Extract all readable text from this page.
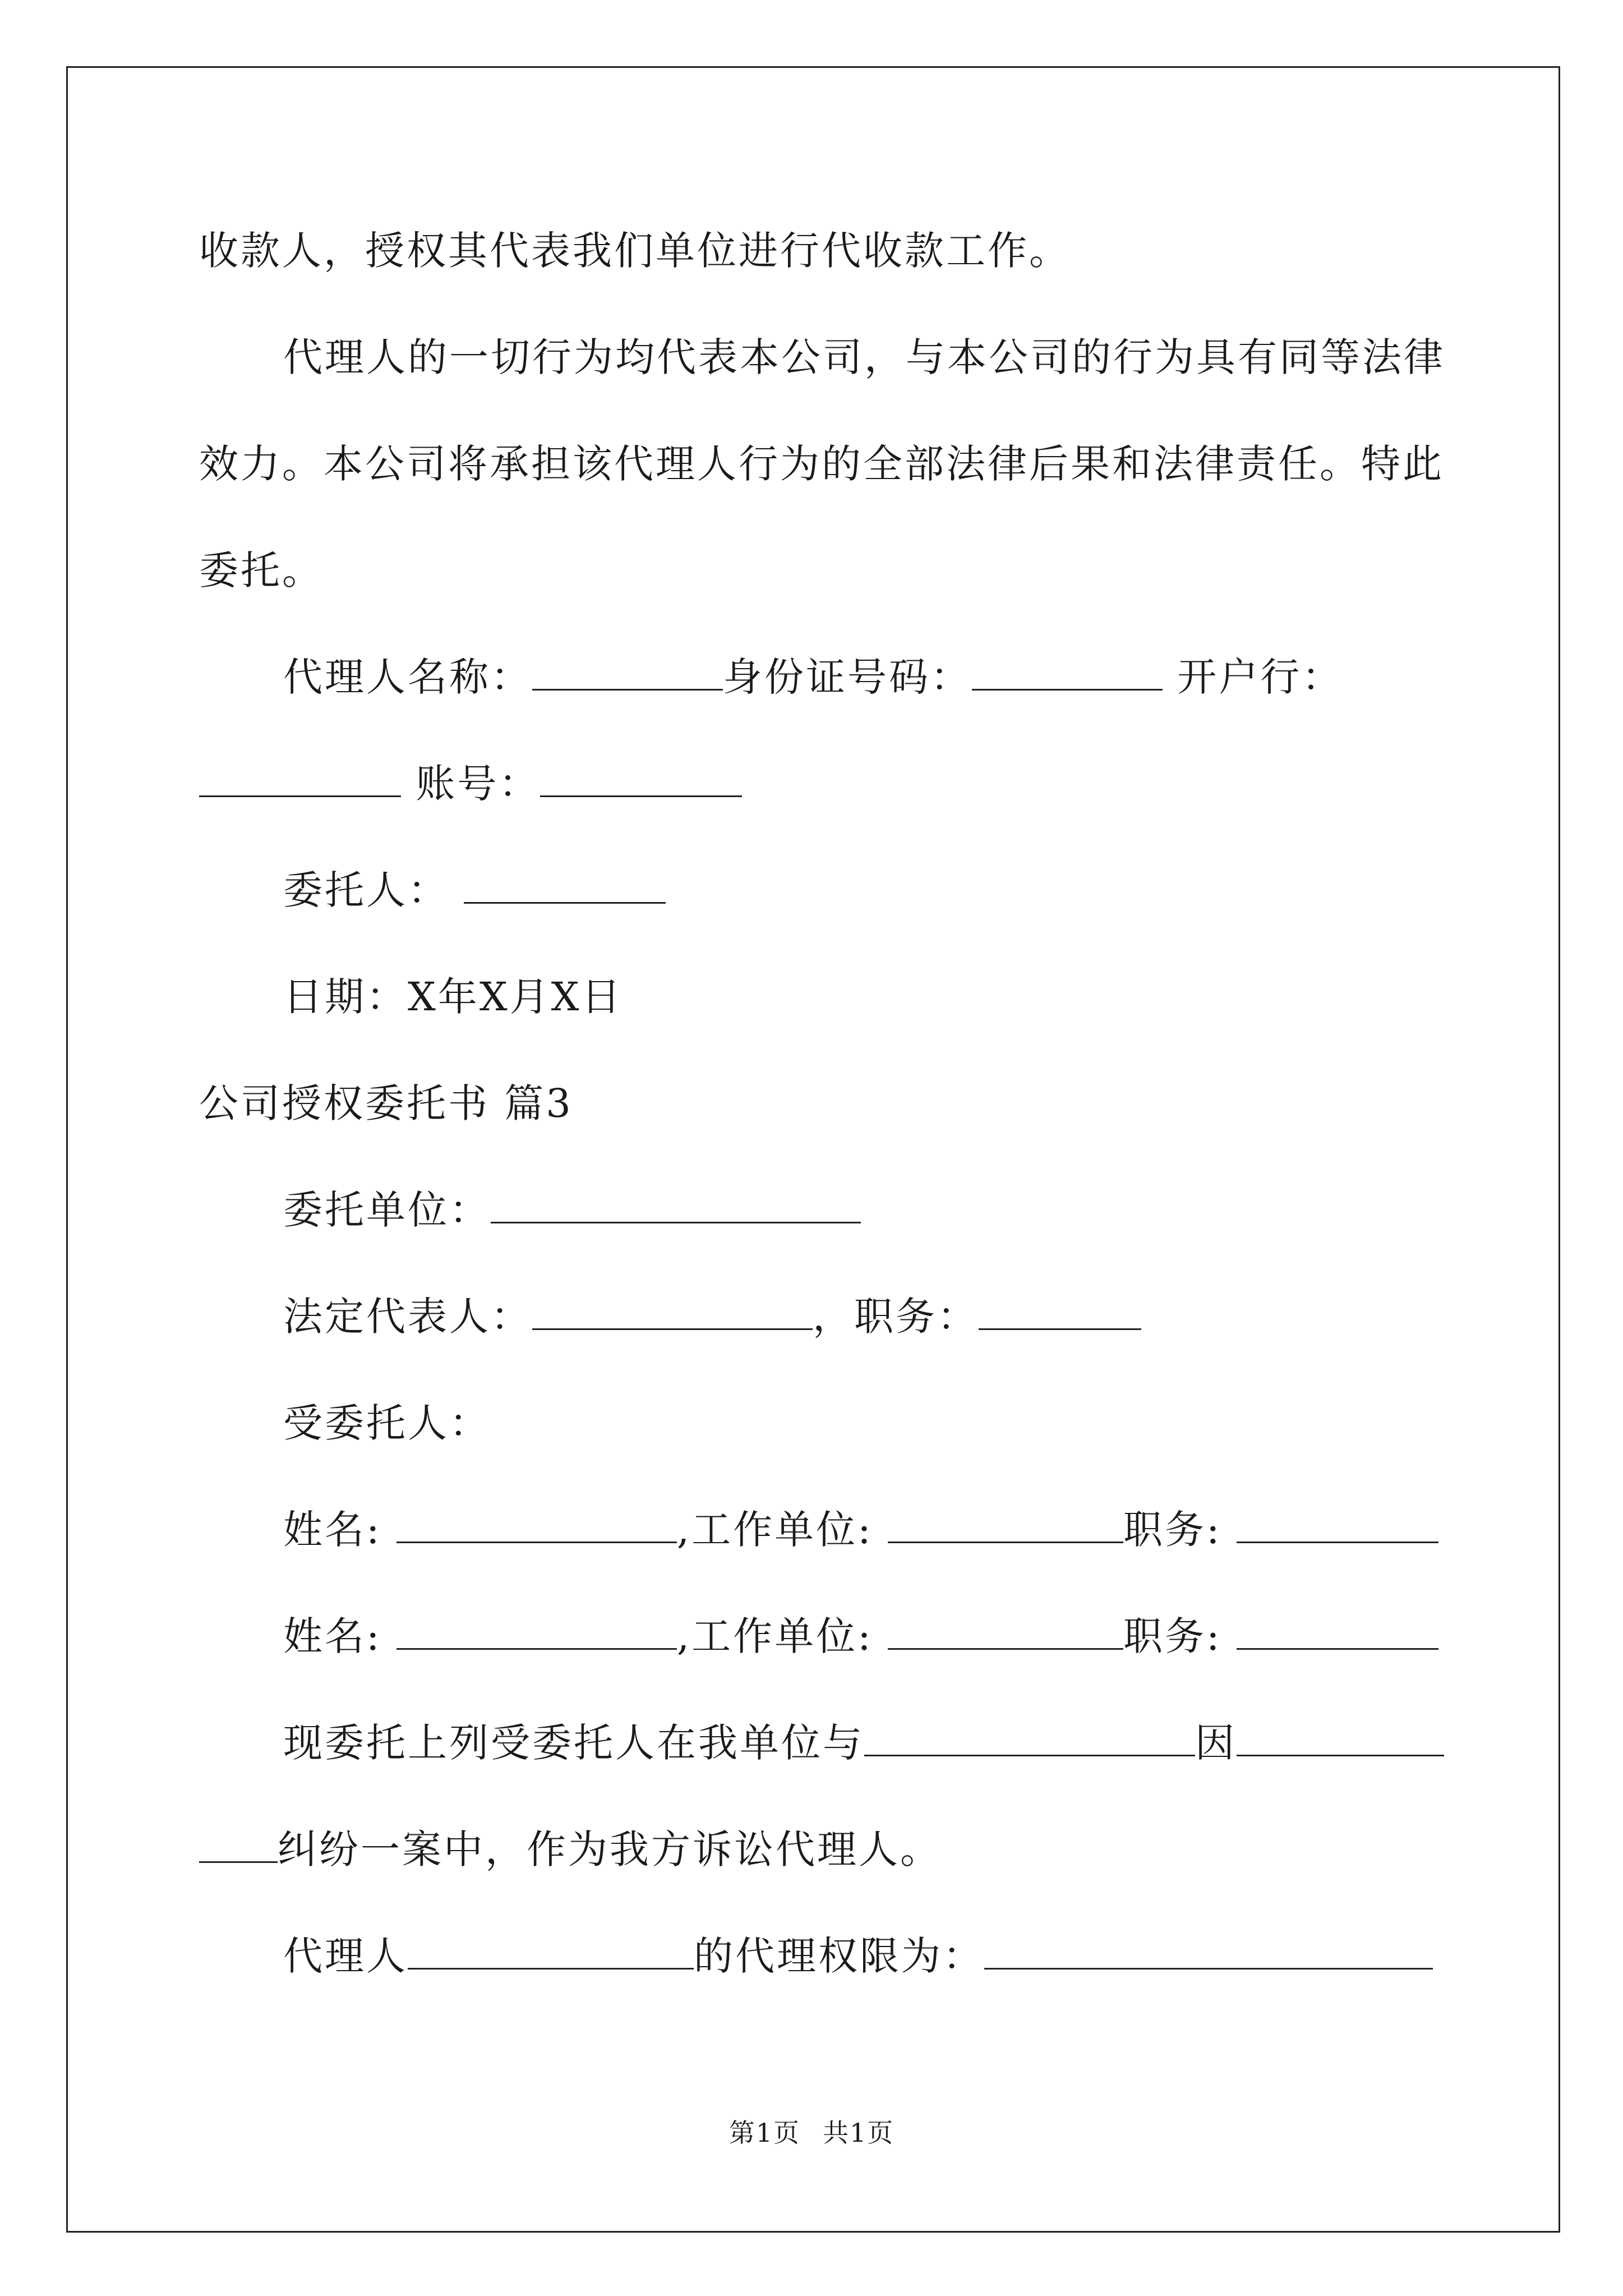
收款人，授权其代表我们单位进行代收款工作。
代理人的一切行为均代表本公司，与本公司的行为具有同等法律
效力。本公司将承担该代理人行为的全部法律后果和法律责任。特此
委托。
代理人名称：	身份证号码：	开户行：
账号：
委托人：
日期：X年X月X日
公司授权委托书 篇3
委托单位：
法定代表人：	，职务：
受委托人：
姓名:	,工作单位:	职务:
姓名:	,工作单位:	职务:
现委托上列受委托人在我单位与	因
纠纷一案中，作为我方诉讼代理人。
代理人	的代理权限为：
第1页 共1页
